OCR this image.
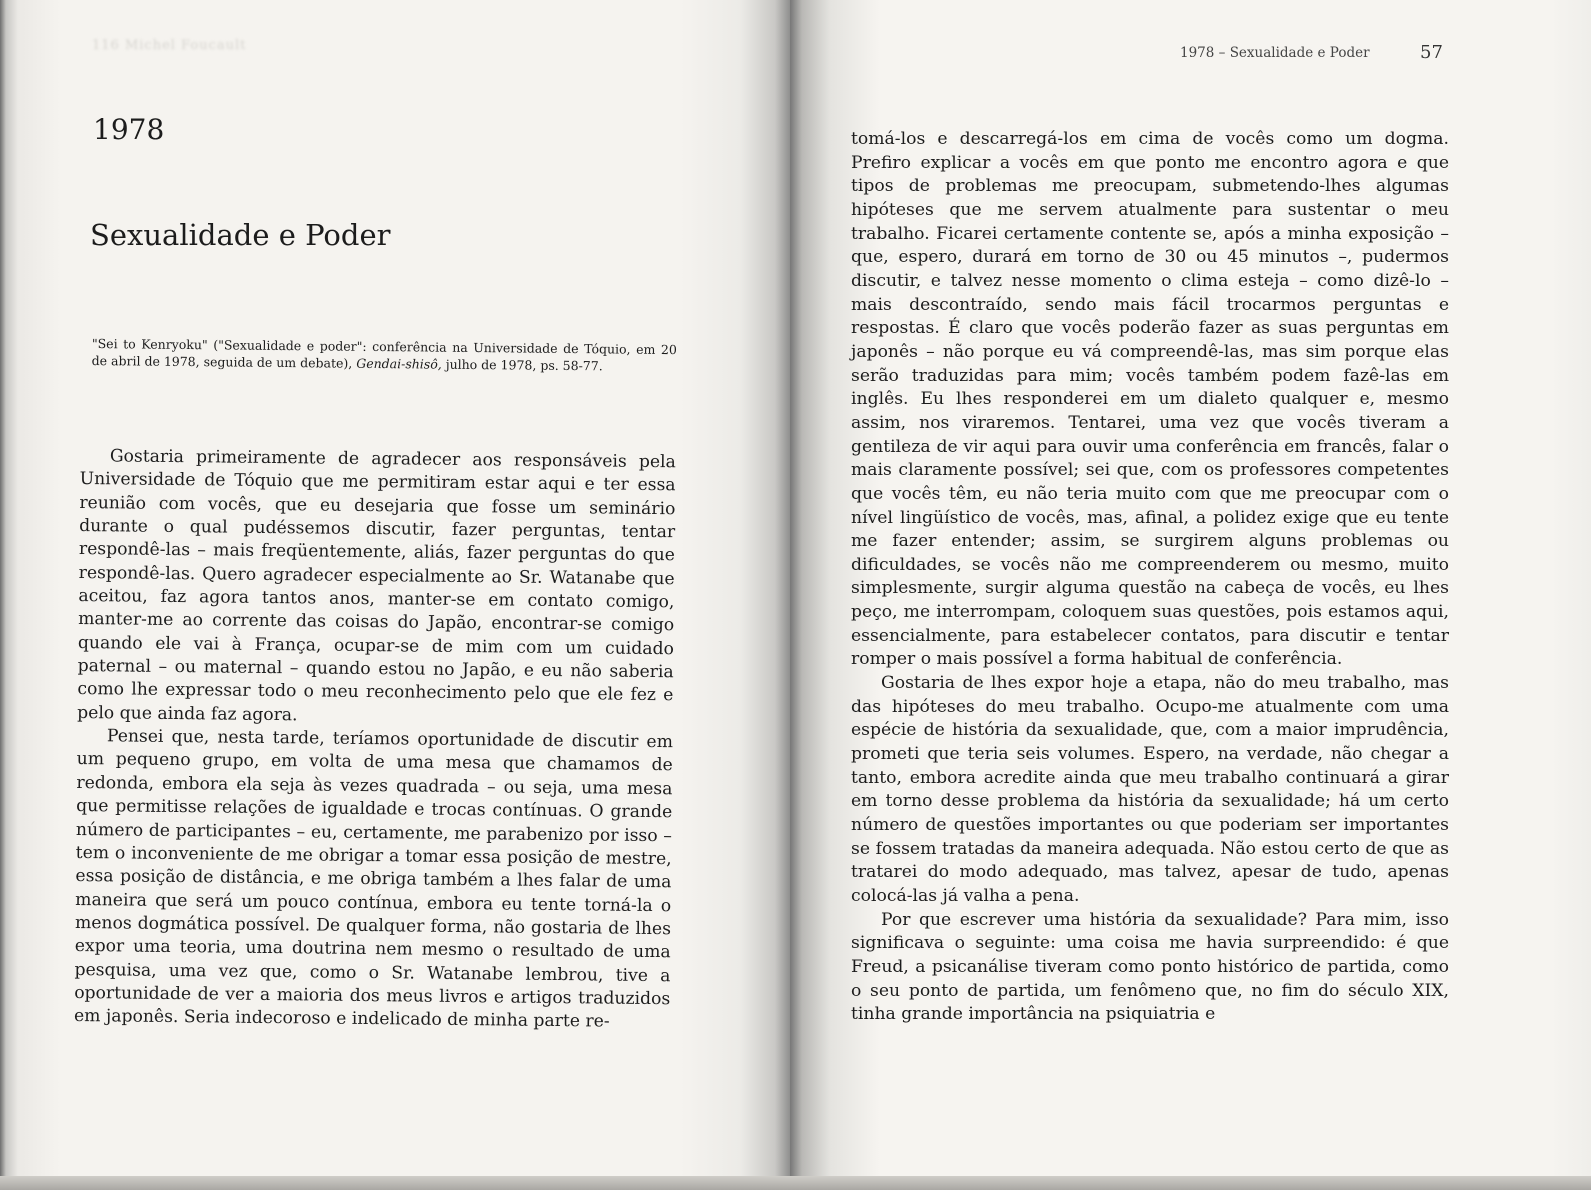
116 Michel Foucault
1978
Sexualidade e Poder
"Sei to Kenryoku" ("Sexualidade e poder": conferência na Universidade de Tóquio, em 20 de abril de 1978, seguida de um debate), Gendai-shisô, julho de 1978, ps. 58-77.

Gostaria primeiramente de agradecer aos responsáveis pela Universidade de Tóquio que me permitiram estar aqui e ter essa reunião com vocês, que eu desejaria que fosse um seminário durante o qual pudéssemos discutir, fazer perguntas, tentar respondê-las – mais freqüentemente, aliás, fazer perguntas do que respondê-las. Quero agradecer especialmente ao Sr. Watanabe que aceitou, faz agora tantos anos, manter-se em contato comigo, manter-me ao corrente das coisas do Japão, encontrar-se comigo quando ele vai à França, ocupar-se de mim com um cuidado paternal – ou maternal – quando estou no Japão, e eu não saberia como lhe expressar todo o meu reconhecimento pelo que ele fez e pelo que ainda faz agora.

Pensei que, nesta tarde, teríamos oportunidade de discutir em um pequeno grupo, em volta de uma mesa que chamamos de redonda, embora ela seja às vezes quadrada – ou seja, uma mesa que permitisse relações de igualdade e trocas contínuas. O grande número de participantes – eu, certamente, me parabenizo por isso – tem o inconveniente de me obrigar a tomar essa posição de mestre, essa posição de distância, e me obriga também a lhes falar de uma maneira que será um pouco contínua, embora eu tente torná-la o menos dogmática possível. De qualquer forma, não gostaria de lhes expor uma teoria, uma doutrina nem mesmo o resultado de uma pesquisa, uma vez que, como o Sr. Watanabe lembrou, tive a oportunidade de ver a maioria dos meus livros e artigos traduzidos em japonês. Seria indecoroso e indelicado de minha parte re-

1978 – Sexualidade e Poder	57

tomá-los e descarregá-los em cima de vocês como um dogma. Prefiro explicar a vocês em que ponto me encontro agora e que tipos de problemas me preocupam, submetendo-lhes algumas hipóteses que me servem atualmente para sustentar o meu trabalho. Ficarei certamente contente se, após a minha exposição – que, espero, durará em torno de 30 ou 45 minutos –, pudermos discutir, e talvez nesse momento o clima esteja – como dizê-lo – mais descontraído, sendo mais fácil trocarmos perguntas e respostas. É claro que vocês poderão fazer as suas perguntas em japonês – não porque eu vá compreendê-las, mas sim porque elas serão traduzidas para mim; vocês também podem fazê-las em inglês. Eu lhes responderei em um dialeto qualquer e, mesmo assim, nos viraremos. Tentarei, uma vez que vocês tiveram a gentileza de vir aqui para ouvir uma conferência em francês, falar o mais claramente possível; sei que, com os professores competentes que vocês têm, eu não teria muito com que me preocupar com o nível lingüístico de vocês, mas, afinal, a polidez exige que eu tente me fazer entender; assim, se surgirem alguns problemas ou dificuldades, se vocês não me compreenderem ou mesmo, muito simplesmente, surgir alguma questão na cabeça de vocês, eu lhes peço, me interrompam, coloquem suas questões, pois estamos aqui, essencialmente, para estabelecer contatos, para discutir e tentar romper o mais possível a forma habitual de conferência.

Gostaria de lhes expor hoje a etapa, não do meu trabalho, mas das hipóteses do meu trabalho. Ocupo-me atualmente com uma espécie de história da sexualidade, que, com a maior imprudência, prometi que teria seis volumes. Espero, na verdade, não chegar a tanto, embora acredite ainda que meu trabalho continuará a girar em torno desse problema da história da sexualidade; há um certo número de questões importantes ou que poderiam ser importantes se fossem tratadas da maneira adequada. Não estou certo de que as tratarei do modo adequado, mas talvez, apesar de tudo, apenas colocá-las já valha a pena.

Por que escrever uma história da sexualidade? Para mim, isso significava o seguinte: uma coisa me havia surpreendido: é que Freud, a psicanálise tiveram como ponto histórico de partida, como o seu ponto de partida, um fenômeno que, no fim do século XIX, tinha grande importância na psiquiatria e
